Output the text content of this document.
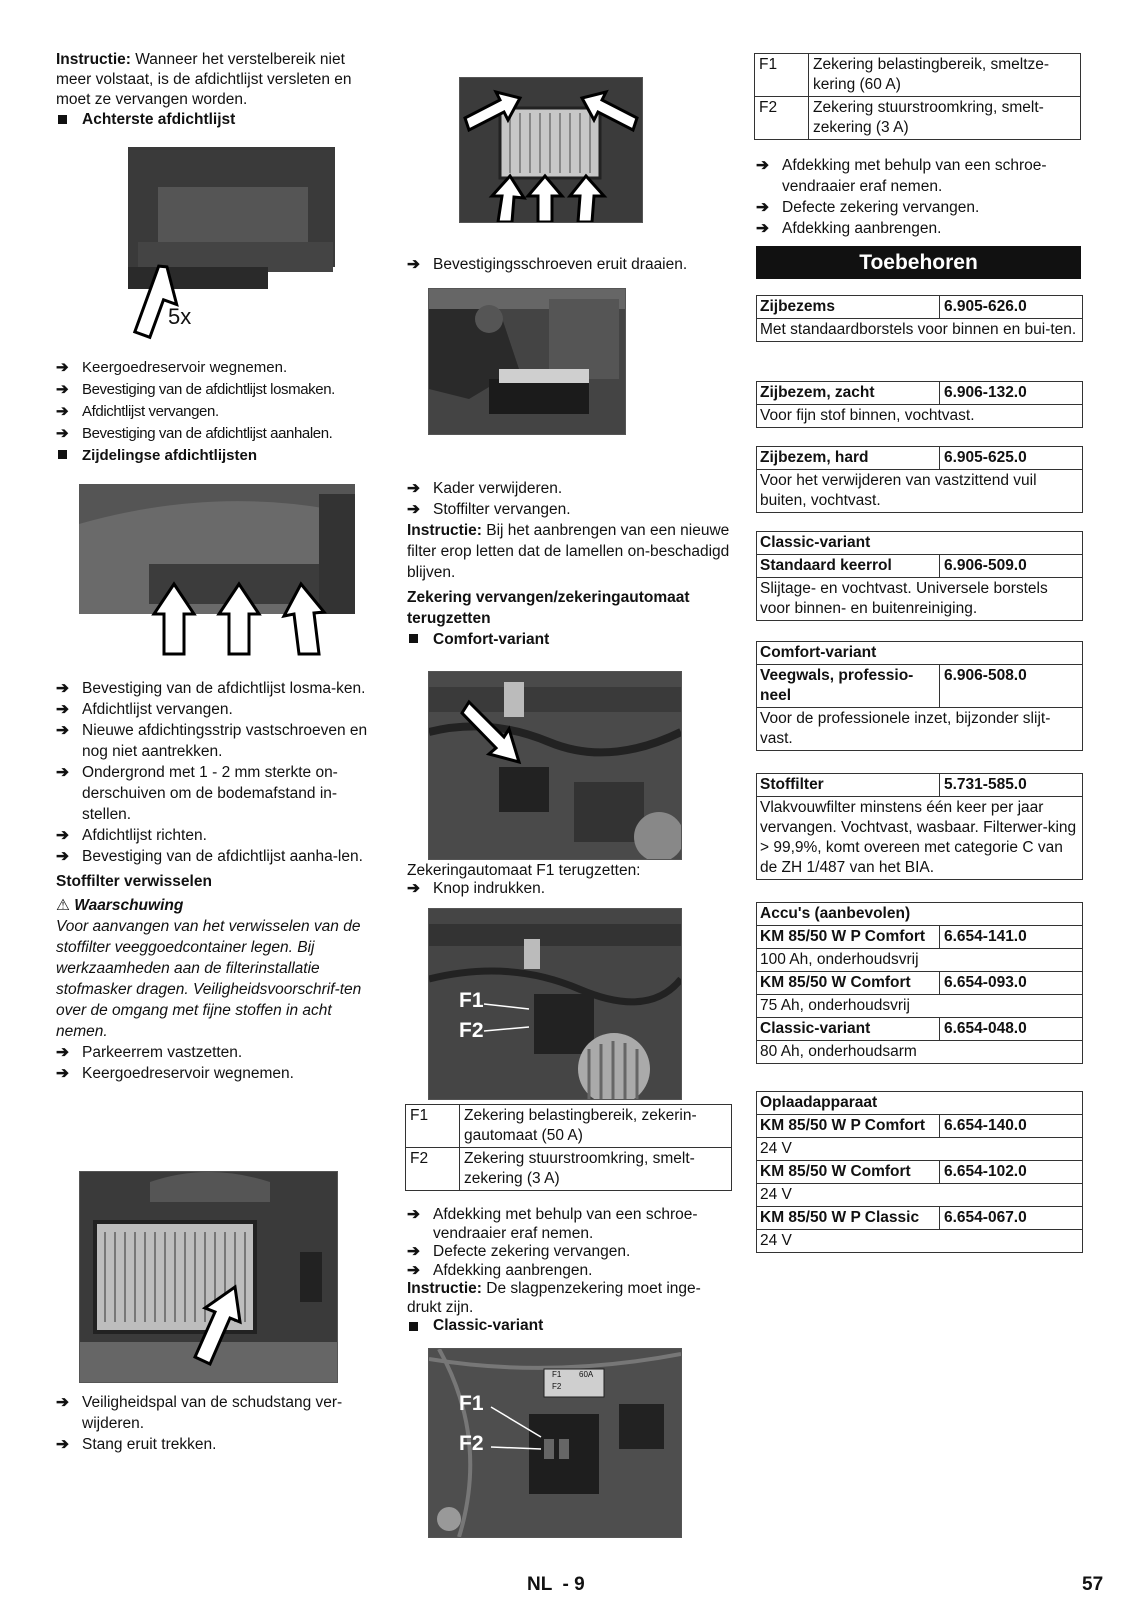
Instructie: Wanneer het verstelbereik niet meer volstaat, is de afdichtlijst versleten en moet ze vervangen worden.

Achterste afdichtlijst
5x
➔ Keergoedreservoir wegnemen.
➔ Bevestiging van de afdichtlijst losmaken.
➔ Afdichtlijst vervangen.
➔ Bevestiging van de afdichtlijst aanhalen.
Zijdelingse afdichtlijsten
➔ Bevestiging van de afdichtlijst losma-ken.
➔ Afdichtlijst vervangen.
➔ Nieuwe afdichtingsstrip vastschroeven en nog niet aantrekken.
➔ Ondergrond met 1 - 2 mm sterkte on-derschuiven om de bodemafstand in-stellen.
➔ Afdichtlijst richten.
➔ Bevestiging van de afdichtlijst aanha-len.

Stoffilter verwisselen

⚠ Waarschuwing

Voor aanvangen van het verwisselen van de stoffilter veeggoedcontainer legen. Bij werkzaamheden aan de filterinstallatie stofmasker dragen. Veiligheidsvoorschrif-ten over de omgang met fijne stoffen in acht nemen.

➔ Parkeerrem vastzetten.
➔ Keergoedreservoir wegnemen.
➔ Veiligheidspal van de schudstang ver-wijderen.
➔ Stang eruit trekken.
➔ Bevestigingsschroeven eruit draaien.
➔ Kader verwijderen.
➔ Stoffilter vervangen.

Instructie: Bij het aanbrengen van een nieuwe filter erop letten dat de lamellen on-beschadigd blijven.

Zekering vervangen/zekeringautomaat terugzetten

Comfort-variant

Zekeringautomaat F1 terugzetten:

➔ Knop indrukken.
F1
F2
F1	Zekering belastingbereik, zekerin-gautomaat (50 A)
F2	Zekering stuurstroomkring, smelt-zekering (3 A)
➔ Afdekking met behulp van een schroe-vendraaier eraf nemen.
➔ Defecte zekering vervangen.
➔ Afdekking aanbrengen.

Instructie: De slagpenzekering moet inge-drukt zijn.

Classic-variant
F1 60A
F2
F1
F2
F1	Zekering belastingbereik, smeltze-kering (60 A)
F2	Zekering stuurstroomkring, smelt-zekering (3 A)
➔ Afdekking met behulp van een schroe-vendraaier eraf nemen.
➔ Defecte zekering vervangen.
➔ Afdekking aanbrengen.
Toebehoren
Zijbezems	6.905-626.0
Met standaardborstels voor binnen en bui-ten.
Zijbezem, zacht	6.906-132.0
Voor fijn stof binnen, vochtvast.
Zijbezem, hard	6.905-625.0
Voor het verwijderen van vastzittend vuil buiten, vochtvast.
Classic-variant
Standaard keerrol	6.906-509.0
Slijtage- en vochtvast. Universele borstels voor binnen- en buitenreiniging.
Comfort-variant
Veegwals, professio-neel
6.906-508.0
Voor de professionele inzet, bijzonder slijt-vast.
Stoffilter	5.731-585.0
Vlakvouwfilter minstens één keer per jaar vervangen. Vochtvast, wasbaar. Filterwer-king > 99,9%, komt overeen met categorie C van de ZH 1/487 van het BIA.
Accu's (aanbevolen)
KM 85/50 W P Comfort	6.654-141.0
100 Ah, onderhoudsvrij
KM 85/50 W Comfort	6.654-093.0
75 Ah, onderhoudsvrij
Classic-variant	6.654-048.0
80 Ah, onderhoudsarm
Oplaadapparaat
KM 85/50 W P Comfort	6.654-140.0
24 V
KM 85/50 W Comfort	6.654-102.0
24 V
KM 85/50 W P Classic	6.654-067.0
24 V
NL - 9	57
